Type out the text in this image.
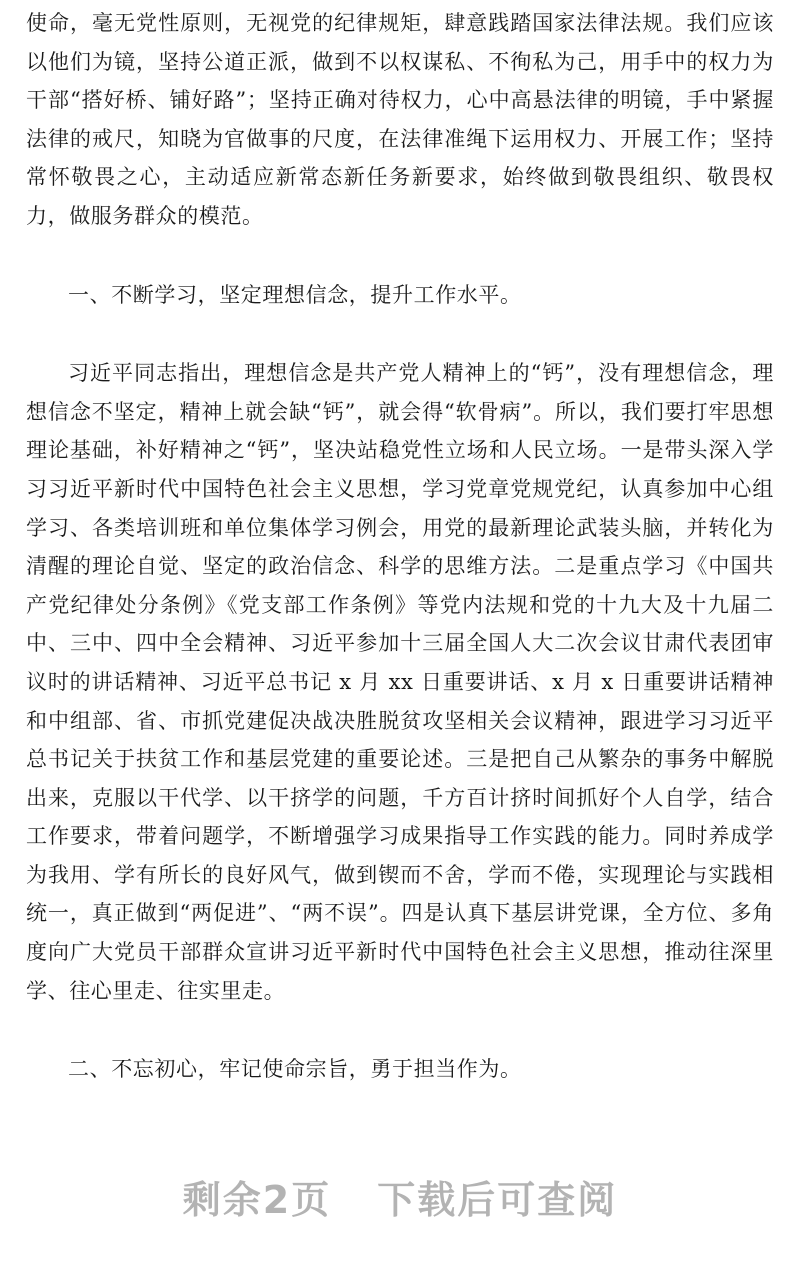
使命，毫无党性原则，无视党的纪律规矩，肆意践踏国家法律法规。我们应该以他们为镜，坚持公道正派，做到不以权谋私、不徇私为己，用手中的权力为干部“搭好桥、铺好路”；坚持正确对待权力，心中高悬法律的明镜，手中紧握法律的戒尺，知晓为官做事的尺度，在法律准绳下运用权力、开展工作；坚持常怀敬畏之心，主动适应新常态新任务新要求，始终做到敬畏组织、敬畏权力，做服务群众的模范。

一、不断学习，坚定理想信念，提升工作水平。

习近平同志指出，理想信念是共产党人精神上的“钙”，没有理想信念，理想信念不坚定，精神上就会缺“钙”，就会得“软骨病”。所以，我们要打牢思想理论基础，补好精神之“钙”，坚决站稳党性立场和人民立场。一是带头深入学习习近平新时代中国特色社会主义思想，学习党章党规党纪，认真参加中心组学习、各类培训班和单位集体学习例会，用党的最新理论武装头脑，并转化为清醒的理论自觉、坚定的政治信念、科学的思维方法。二是重点学习《中国共产党纪律处分条例》《党支部工作条例》等党内法规和党的十九大及十九届二中、三中、四中全会精神、习近平参加十三届全国人大二次会议甘肃代表团审议时的讲话精神、习近平总书记 x 月 xx 日重要讲话、x 月 x 日重要讲话精神和中组部、省、市抓党建促决战决胜脱贫攻坚相关会议精神，跟进学习习近平总书记关于扶贫工作和基层党建的重要论述。三是把自己从繁杂的事务中解脱出来，克服以干代学、以干挤学的问题，千方百计挤时间抓好个人自学，结合工作要求，带着问题学，不断增强学习成果指导工作实践的能力。同时养成学为我用、学有所长的良好风气，做到锲而不舍，学而不倦，实现理论与实践相统一，真正做到“两促进”、“两不误”。四是认真下基层讲党课，全方位、多角度向广大党员干部群众宣讲习近平新时代中国特色社会主义思想，推动往深里学、往心里走、往实里走。

二、不忘初心，牢记使命宗旨，勇于担当作为。

剩余2页 下载后可查阅
